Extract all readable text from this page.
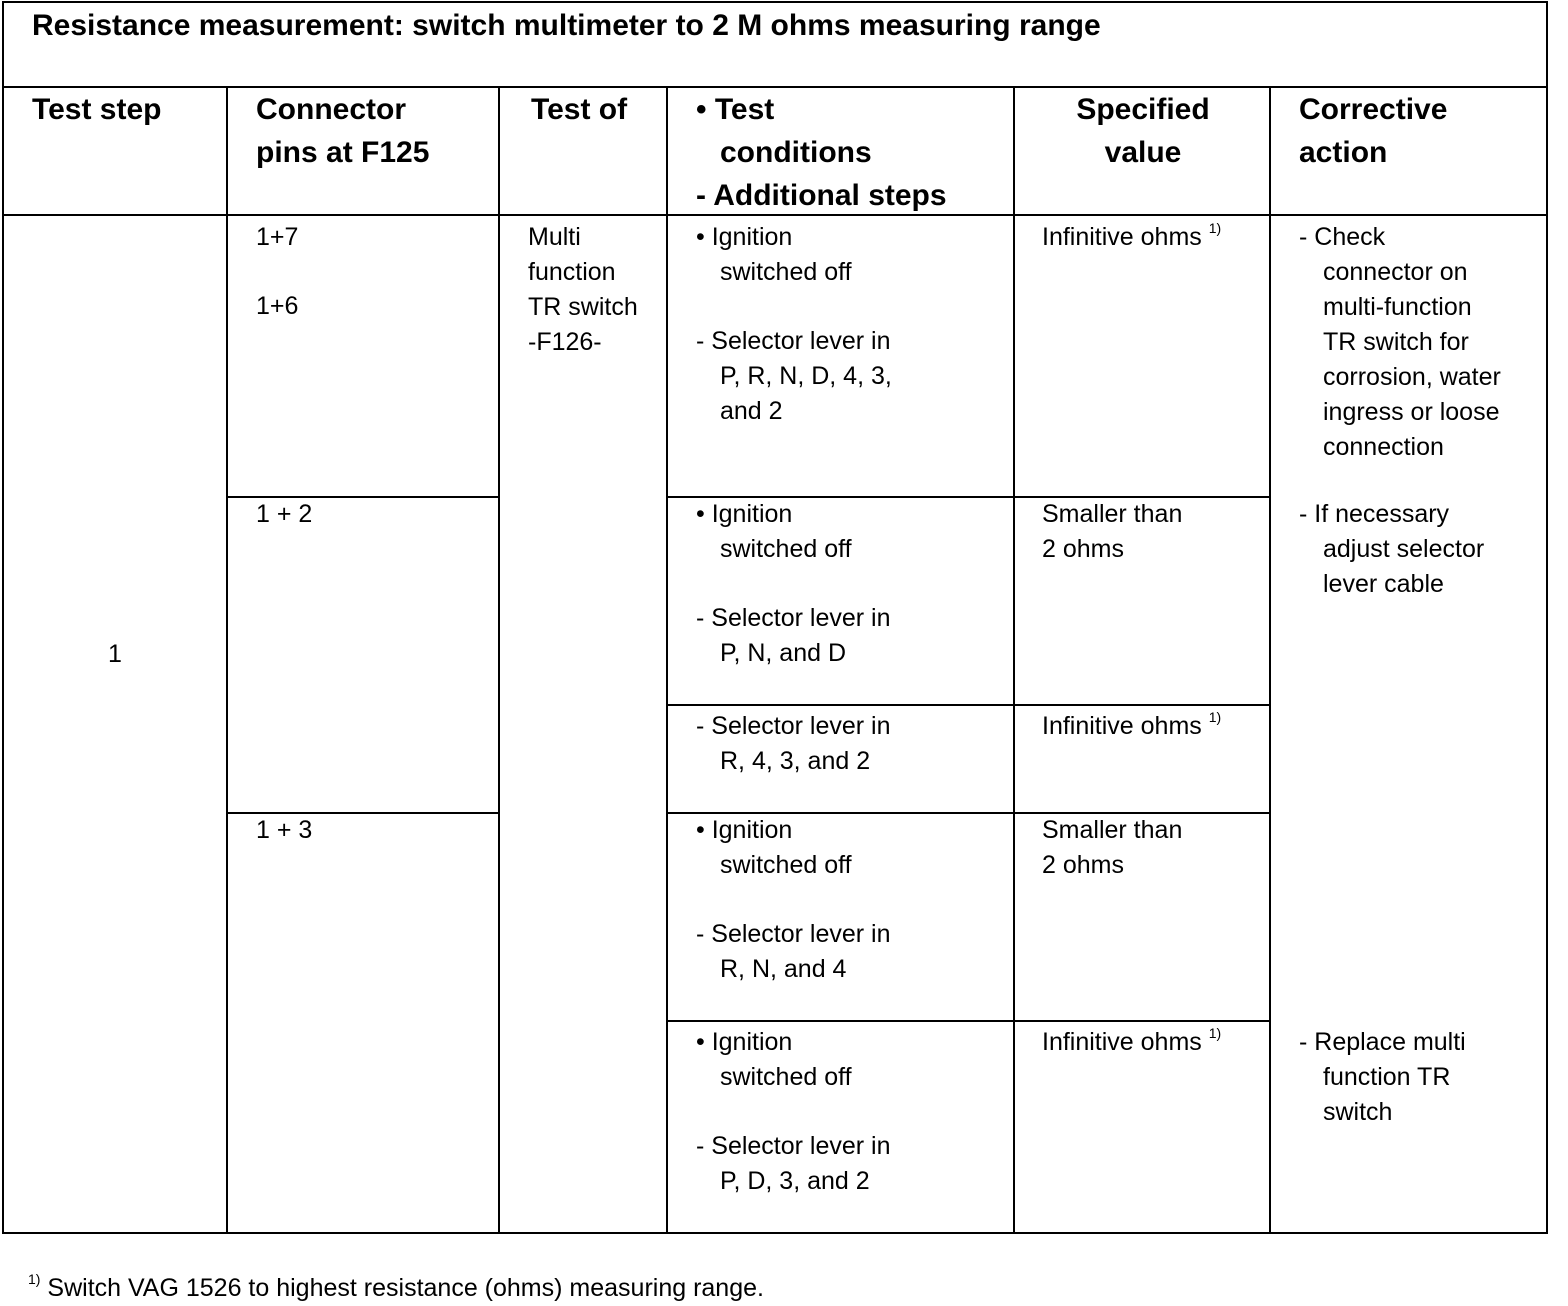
Resistance measurement: switch multimeter to 2 M ohms measuring range
Test step	Connector
pins at F125
Test of • Test
conditions
- Additional steps
Specified
value
Corrective
action
1
Multi
function
TR switch
-F126-
1+7
1+6
1 + 2
1 + 3
• Ignition
switched off
- Selector lever in
P, R, N, D, 4, 3,
and 2
• Ignition
switched off
- Selector lever in
P, N, and D
- Selector lever in
R, 4, 3, and 2
• Ignition
switched off
- Selector lever in
R, N, and 4
• Ignition
switched off
- Selector lever in
P, D, 3, and 2
Infinitive ohms $^{1)}$
Smaller than
2 ohms
Infinitive ohms $^{1)}$
Smaller than
2 ohms
Infinitive ohms $^{1)}$
- Check
connector on
multi-function
TR switch for
corrosion, water
ingress or loose
connection
- If necessary
adjust selector
lever cable
- Replace multi
function TR
switch
$^{1)}$ Switch VAG 1526 to highest resistance (ohms) measuring range.
